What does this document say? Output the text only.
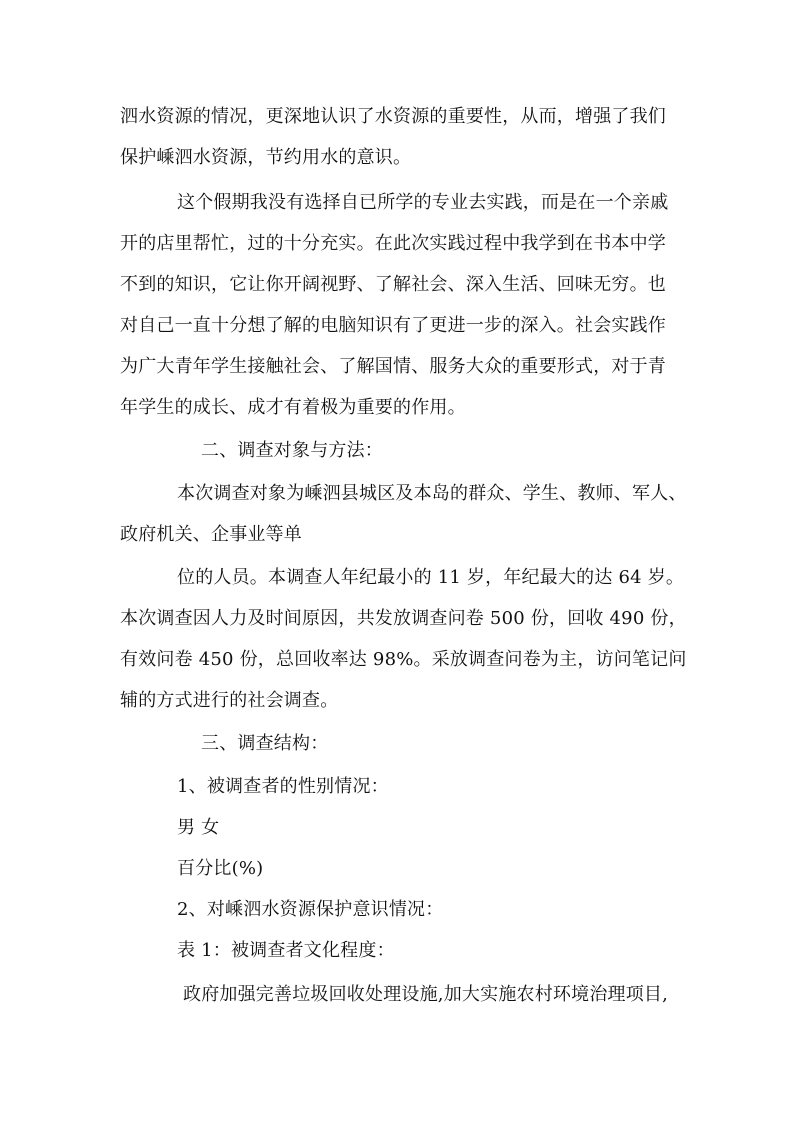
泗水资源的情况，更深地认识了水资源的重要性，从而，增强了我们
保护嵊泗水资源，节约用水的意识。
这个假期我没有选择自已所学的专业去实践，而是在一个亲戚
开的店里帮忙，过的十分充实。在此次实践过程中我学到在书本中学
不到的知识，它让你开阔视野、了解社会、深入生活、回味无穷。也
对自己一直十分想了解的电脑知识有了更进一步的深入。社会实践作
为广大青年学生接触社会、了解国情、服务大众的重要形式，对于青
年学生的成长、成才有着极为重要的作用。
二、调查对象与方法：
本次调查对象为嵊泗县城区及本岛的群众、学生、教师、军人、
政府机关、企事业等单
位的人员。本调查人年纪最小的 11 岁，年纪最大的达 64 岁。
本次调查因人力及时间原因，共发放调查问卷 500 份，回收 490 份，
有效问卷 450 份，总回收率达 98%。采放调查问卷为主，访问笔记问
辅的方式进行的社会调查。
三、调查结构：
1、被调查者的性别情况：
男 女
百分比(%)
2、对嵊泗水资源保护意识情况：
表 1：被调查者文化程度：
政府加强完善垃圾回收处理设施,加大实施农村环境治理项目,
